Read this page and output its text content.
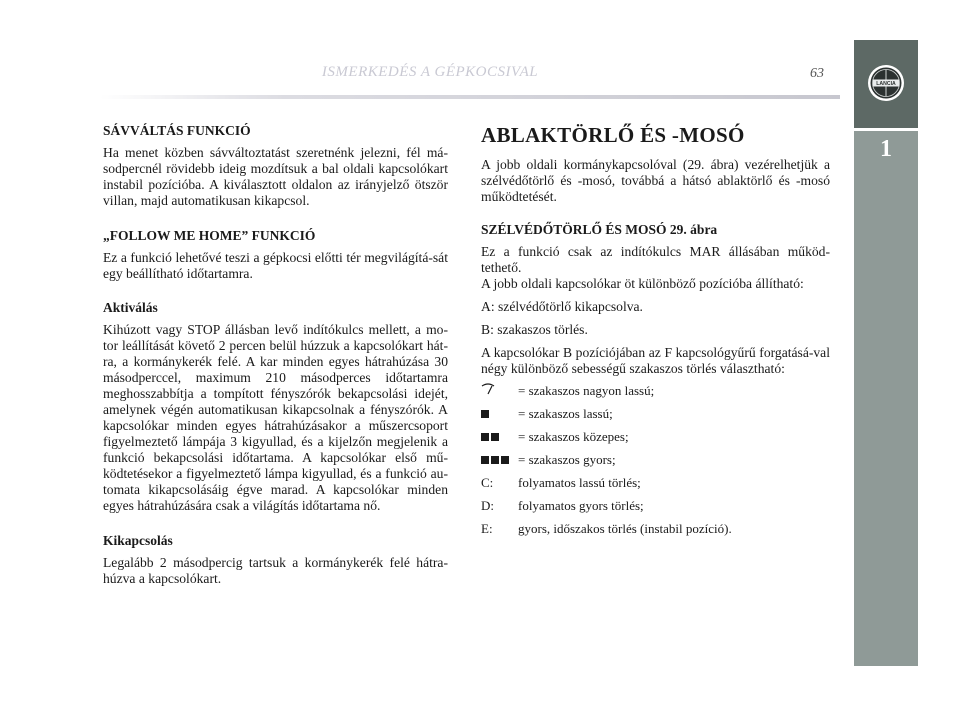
ISMERKEDÉS A GÉPKOCSIVAL	63
LANCIA
1
SÁVVÁLTÁS FUNKCIÓ

Ha menet közben sávváltoztatást szeretnénk jelezni, fél má-sodpercnél rövidebb ideig mozdítsuk a bal oldali kapcsolókart instabil pozícióba. A kiválasztott oldalon az irányjelző ötször villan, majd automatikusan kikapcsol.

„FOLLOW ME HOME” FUNKCIÓ

Ez a funkció lehetővé teszi a gépkocsi előtti tér megvilágítá-sát egy beállítható időtartamra.

Aktiválás

Kihúzott vagy STOP állásban levő indítókulcs mellett, a mo-tor leállítását követő 2 percen belül húzzuk a kapcsolókart hát-ra, a kormánykerék felé. A kar minden egyes hátrahúzása 30 másodperccel, maximum 210 másodperces időtartamra meghosszabbítja a tompított fényszórók bekapcsolási idejét, amelynek végén automatikusan kikapcsolnak a fényszórók. A kapcsolókar minden egyes hátrahúzásakor a műszercsoport figyelmeztető lámpája 3 kigyullad, és a kijelzőn megjelenik a funkció bekapcsolási időtartama. A kapcsolókar első mű-ködtetésekor a figyelmeztető lámpa kigyullad, és a funkció au-tomata kikapcsolásáig égve marad. A kapcsolókar minden egyes hátrahúzására csak a világítás időtartama nő.

Kikapcsolás

Legalább 2 másodpercig tartsuk a kormánykerék felé hátra-húzva a kapcsolókart.

ABLAKTÖRLŐ ÉS -MOSÓ

A jobb oldali kormánykapcsolóval (29. ábra) vezérelhetjük a szélvédőtörlő és -mosó, továbbá a hátsó ablaktörlő és -mosó működtetését.

SZÉLVÉDŐTÖRLŐ ÉS MOSÓ 29. ábra

Ez a funkció csak az indítókulcs MAR állásában működ-tethető.

A jobb oldali kapcsolókar öt különböző pozícióba állítható:

A: szélvédőtörlő kikapcsolva.

B: szakaszos törlés.

A kapcsolókar B pozíciójában az F kapcsológyűrű forgatásá-val négy különböző sebességű szakaszos törlés választható:

= szakaszos nagyon lassú;
= szakaszos lassú;
= szakaszos közepes;
= szakaszos gyors;
C:	folyamatos lassú törlés;
D:	folyamatos gyors törlés;
E:	gyors, időszakos törlés (instabil pozíció).
